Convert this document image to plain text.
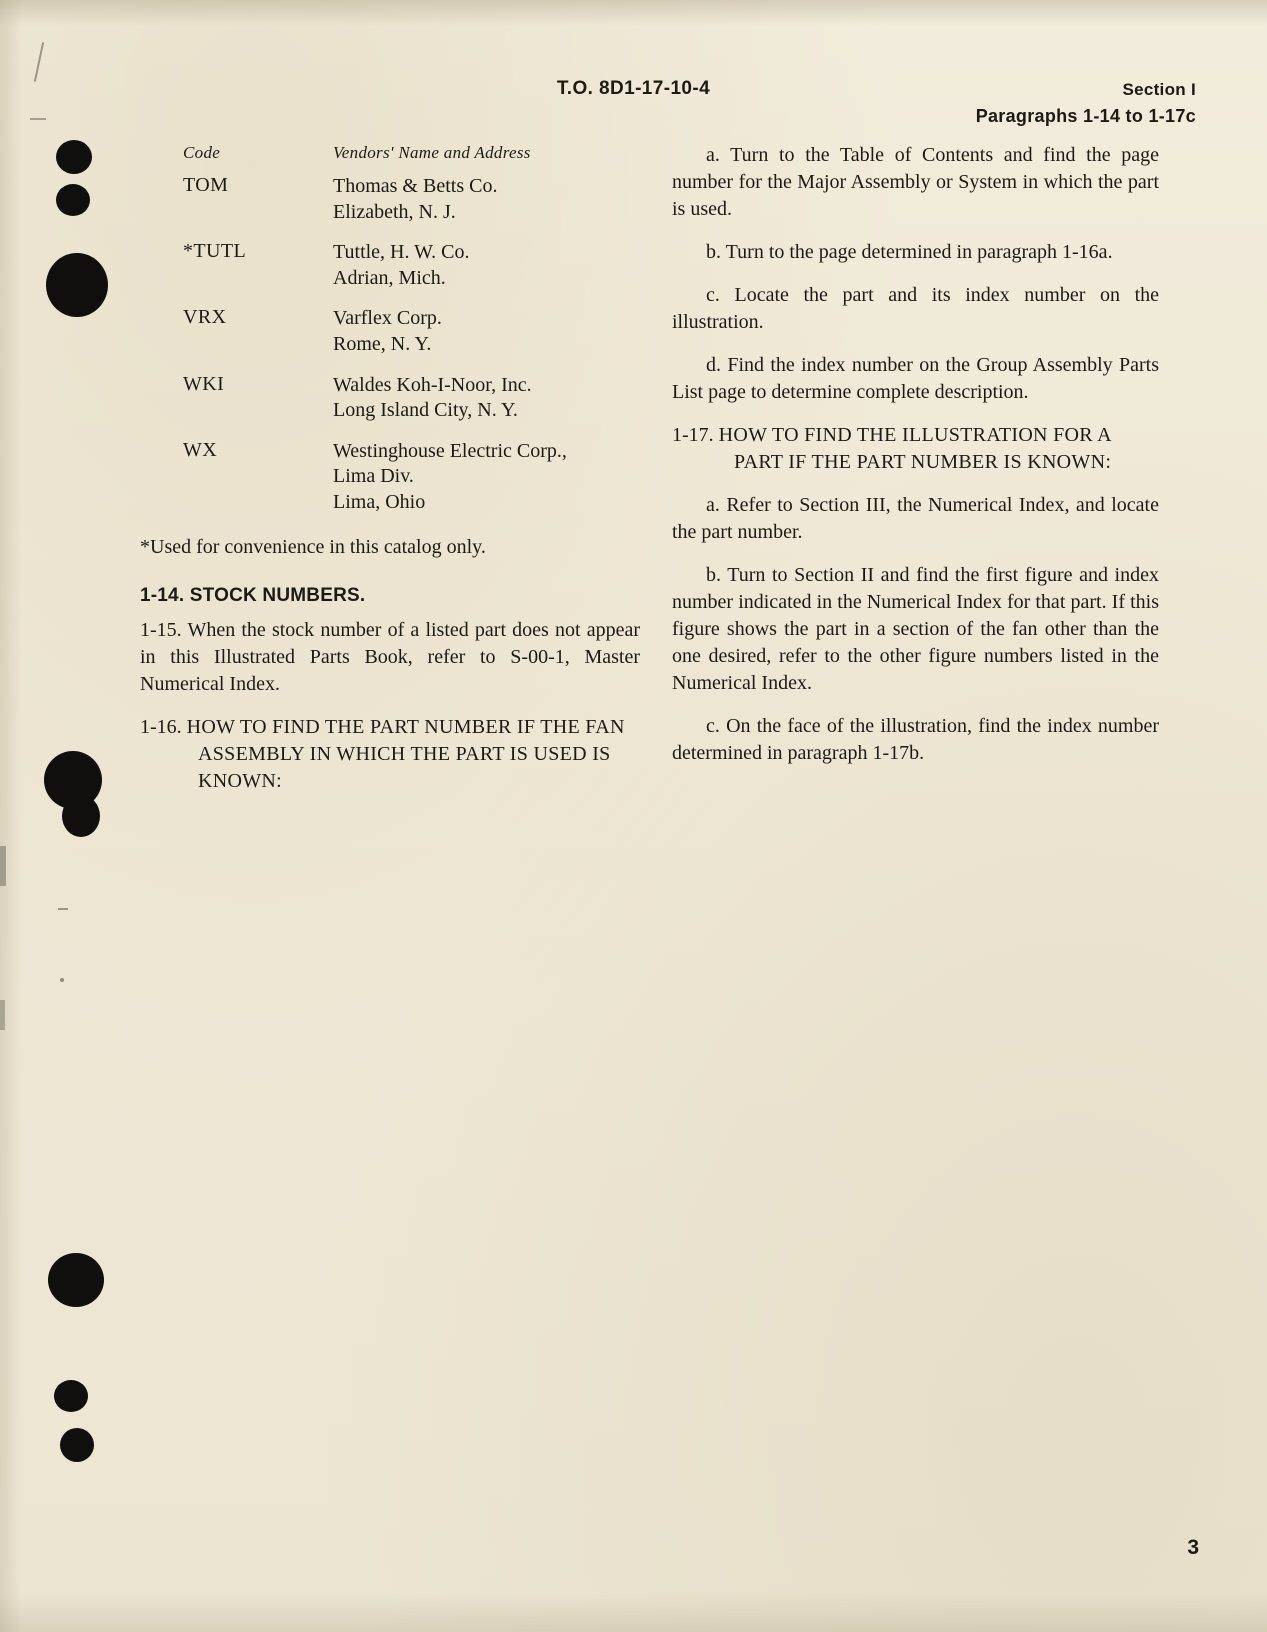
T.O. 8D1-17-10-4	Section I
Paragraphs 1-14 to 1-17c
Code	Vendors' Name and Address
TOM	Thomas & Betts Co.
Elizabeth, N. J.

*TUTL	Tuttle, H. W. Co.
Adrian, Mich.

VRX	Varflex Corp.
Rome, N. Y.

WKI	Waldes Koh-I-Noor, Inc.
Long Island City, N. Y.

WX	Westinghouse Electric Corp.,
Lima Div.
Lima, Ohio
*Used for convenience in this catalog only.
1-14. STOCK NUMBERS.

1-15. When the stock number of a listed part does not appear in this Illustrated Parts Book, refer to S-00-1, Master Numerical Index.

1-16. HOW TO FIND THE PART NUMBER IF THE FAN ASSEMBLY IN WHICH THE PART IS USED IS KNOWN:

a. Turn to the Table of Contents and find the page number for the Major Assembly or System in which the part is used.

b. Turn to the page determined in paragraph 1-16a.

c. Locate the part and its index number on the illustration.

d. Find the index number on the Group Assembly Parts List page to determine complete description.

1-17. HOW TO FIND THE ILLUSTRATION FOR A PART IF THE PART NUMBER IS KNOWN:

a. Refer to Section III, the Numerical Index, and locate the part number.

b. Turn to Section II and find the first figure and index number indicated in the Numerical Index for that part. If this figure shows the part in a section of the fan other than the one desired, refer to the other figure numbers listed in the Numerical Index.

c. On the face of the illustration, find the index number determined in paragraph 1-17b.

3
